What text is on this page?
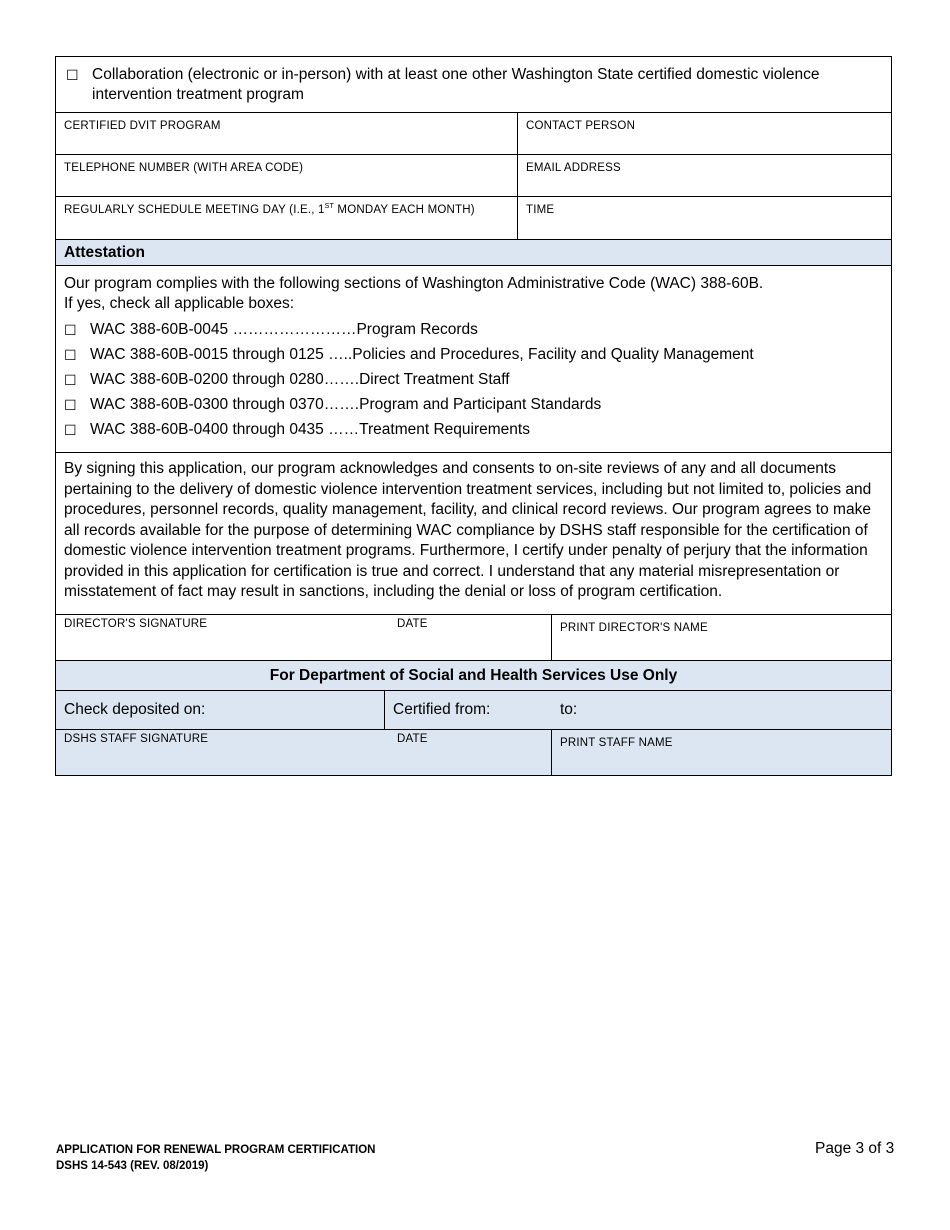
☐ Collaboration (electronic or in-person) with at least one other Washington State certified domestic violence
intervention treatment program
CERTIFIED DVIT PROGRAM	CONTACT PERSON
TELEPHONE NUMBER (WITH AREA CODE)	EMAIL ADDRESS
REGULARLY SCHEDULE MEETING DAY (I.E., 1ST MONDAY EACH MONTH)	TIME
Attestation
Our program complies with the following sections of Washington Administrative Code (WAC) 388-60B.
If yes, check all applicable boxes:
☐ WAC 388-60B-0045 …………………… Program Records
☐ WAC 388-60B-0015 through 0125 ….. Policies and Procedures, Facility and Quality Management
☐ WAC 388-60B-0200 through 0280……. Direct Treatment Staff
☐ WAC 388-60B-0300 through 0370……. Program and Participant Standards
☐ WAC 388-60B-0400 through 0435 …… Treatment Requirements
By signing this application, our program acknowledges and consents to on-site reviews of any and all documents pertaining to the delivery of domestic violence intervention treatment services, including but not limited to, policies and procedures, personnel records, quality management, facility, and clinical record reviews. Our program agrees to make all records available for the purpose of determining WAC compliance by DSHS staff responsible for the certification of domestic violence intervention treatment programs. Furthermore, I certify under penalty of perjury that the information provided in this application for certification is true and correct. I understand that any material misrepresentation or misstatement of fact may result in sanctions, including the denial or loss of program certification.
DIRECTOR'S SIGNATURE	DATE	PRINT DIRECTOR'S NAME
For Department of Social and Health Services Use Only
Check deposited on:	Certified from:	to:
DSHS STAFF SIGNATURE	DATE	PRINT STAFF NAME
APPLICATION FOR RENEWAL PROGRAM CERTIFICATION
DSHS 14-543 (REV. 08/2019)
Page 3 of 3
